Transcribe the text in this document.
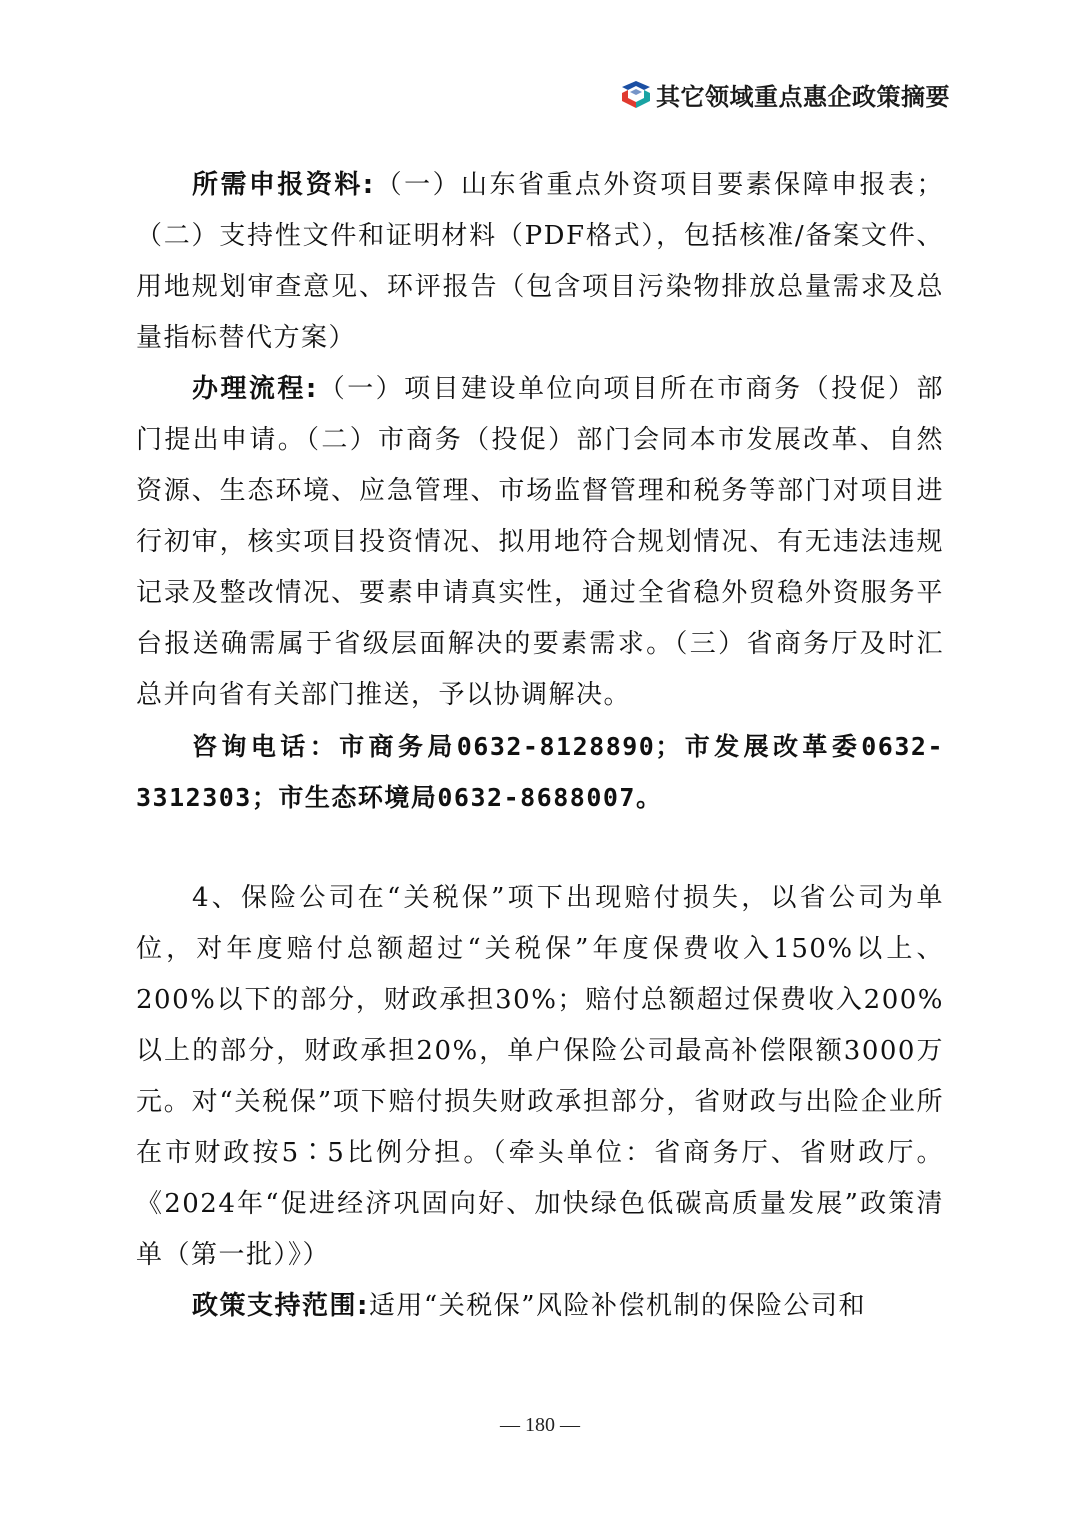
其它领域重点惠企政策摘要

所需申报资料:（一）山东省重点外资项目要素保障申报表；（二）支持性文件和证明材料（PDF格式），包括核准/备案文件、用地规划审查意见、环评报告（包含项目污染物排放总量需求及总量指标替代方案）

办理流程:（一）项目建设单位向项目所在市商务（投促）部门提出申请。（二）市商务（投促）部门会同本市发展改革、自然资源、生态环境、应急管理、市场监督管理和税务等部门对项目进行初审，核实项目投资情况、拟用地符合规划情况、有无违法违规记录及整改情况、要素申请真实性，通过全省稳外贸稳外资服务平台报送确需属于省级层面解决的要素需求。（三）省商务厅及时汇总并向省有关部门推送，予以协调解决。

咨询电话：市商务局0632-8128890；市发展改革委0632-3312303；市生态环境局0632-8688007。

4、保险公司在“关税保”项下出现赔付损失，以省公司为单位，对年度赔付总额超过“关税保”年度保费收入150%以上、200%以下的部分，财政承担30%；赔付总额超过保费收入200%以上的部分，财政承担20%，单户保险公司最高补偿限额3000万元。对“关税保”项下赔付损失财政承担部分，省财政与出险企业所在市财政按5∶5比例分担。（牵头单位：省商务厅、省财政厅。《2024年“促进经济巩固向好、加快绿色低碳高质量发展”政策清单（第一批）》）

政策支持范围:适用“关税保”风险补偿机制的保险公司和

— 180 —
